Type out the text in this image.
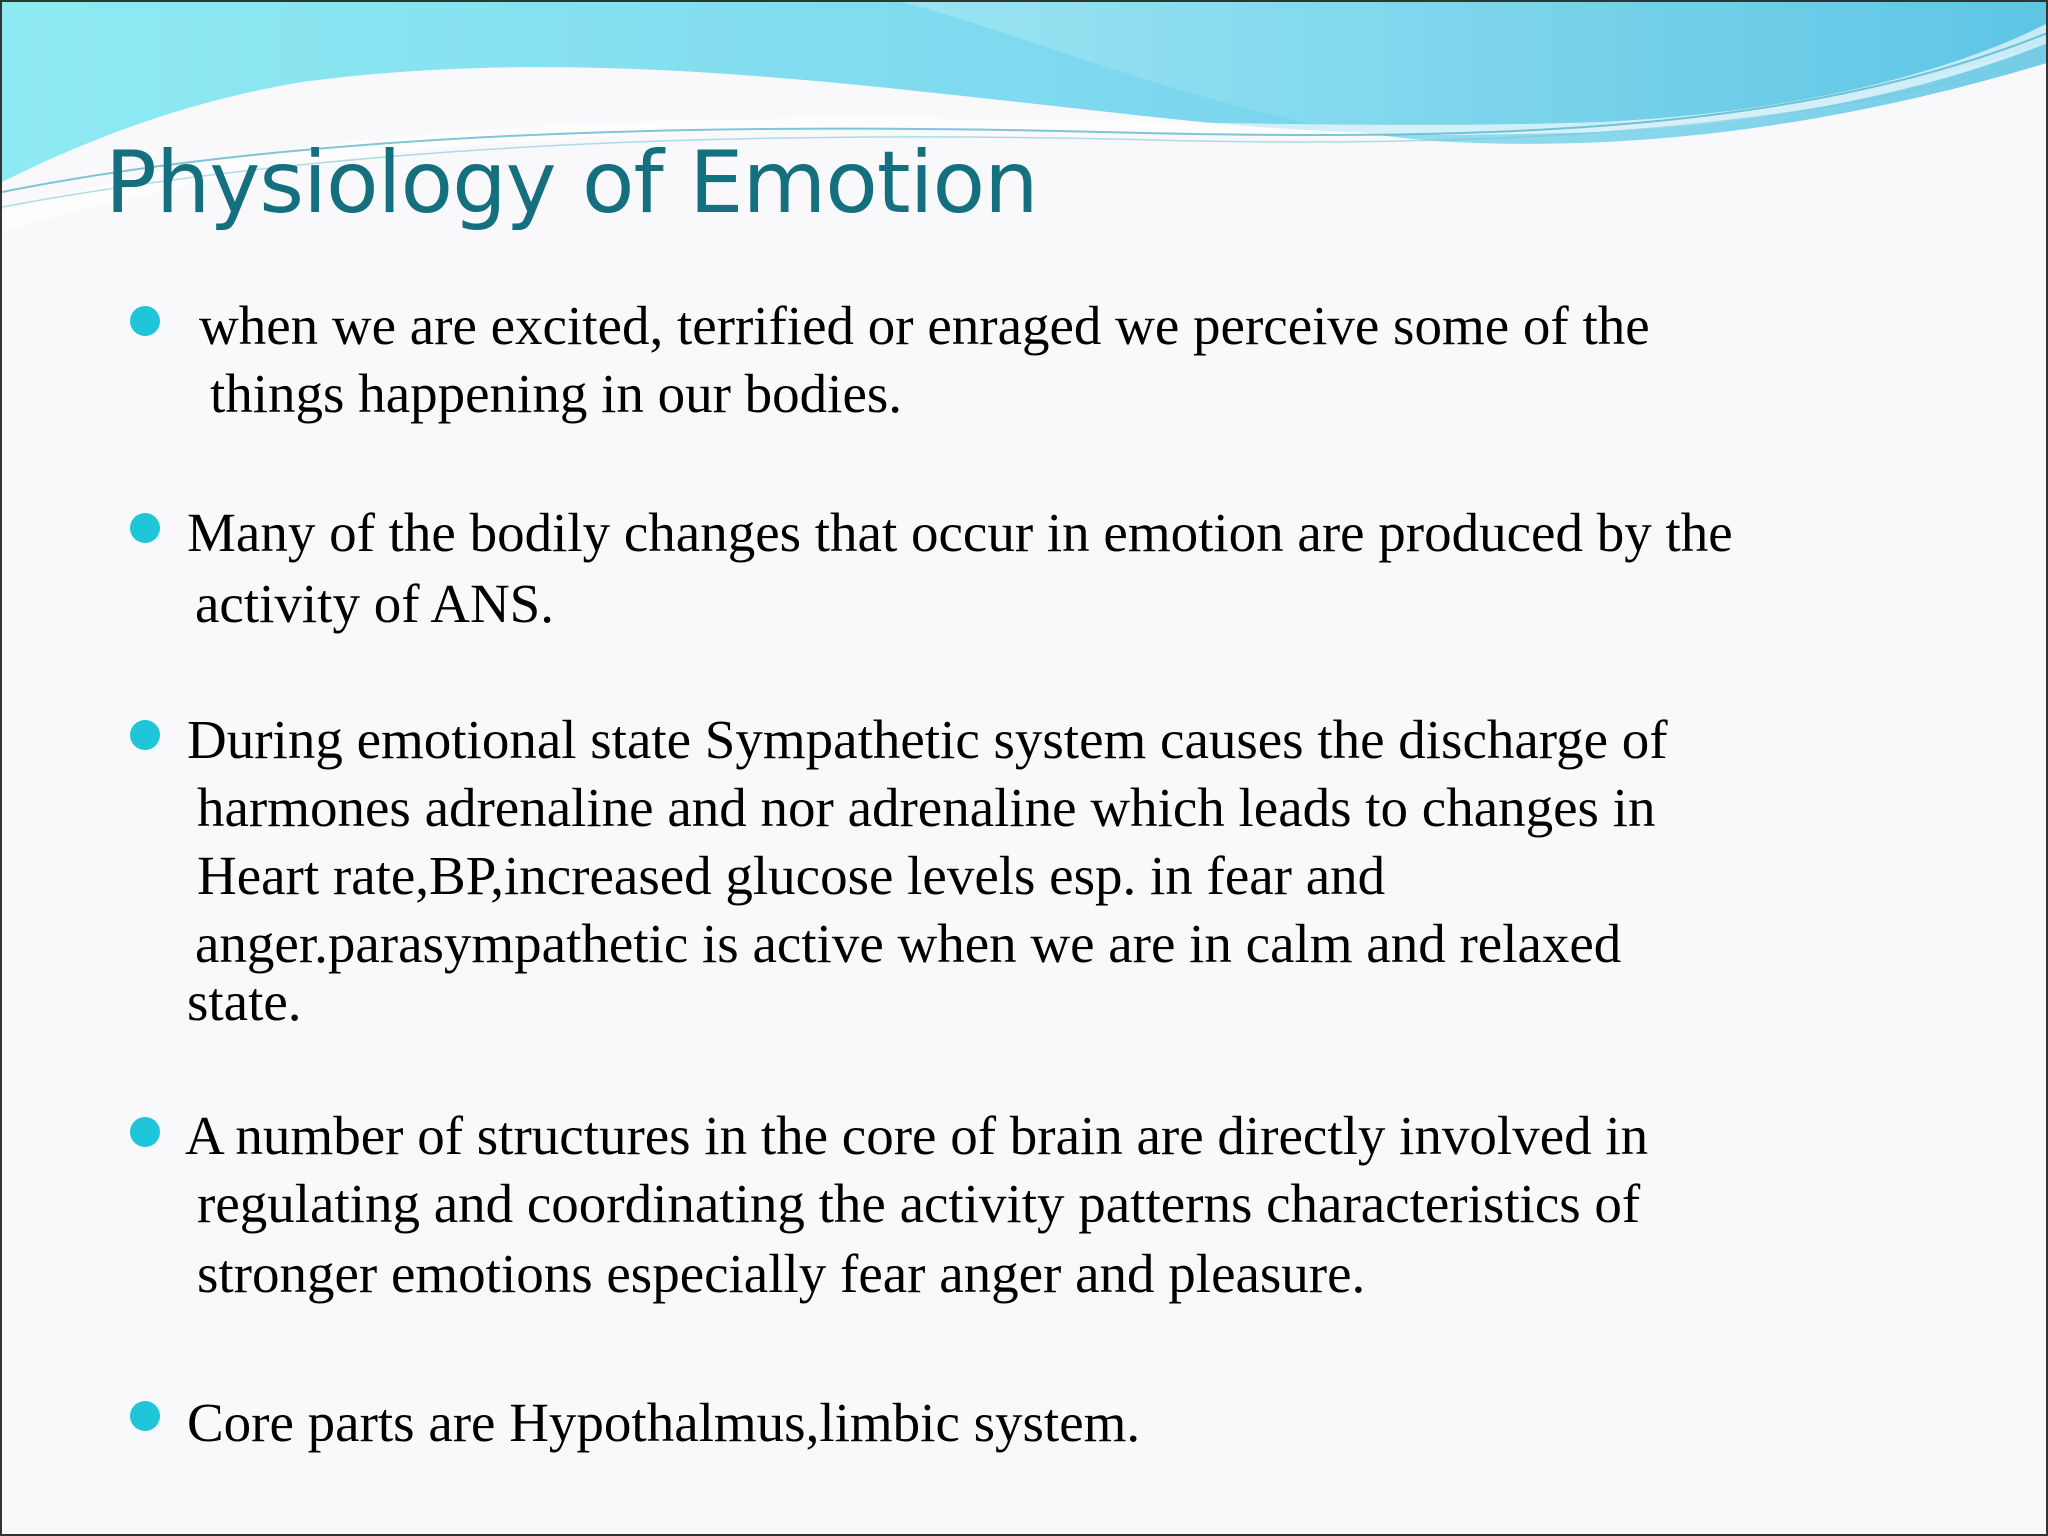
Physiology of Emotion

when we are excited, terrified or enraged we perceive some of the

things happening in our bodies.

Many of the bodily changes that occur in emotion are produced by the

activity of ANS.

During emotional state Sympathetic system causes the discharge of

harmones adrenaline and nor adrenaline which leads to changes in

Heart rate,BP,increased glucose levels esp. in fear and

anger.parasympathetic is active when we are in calm and relaxed

state.

A number of structures in the core of brain are directly involved in

regulating and coordinating the activity patterns characteristics of

stronger emotions especially fear anger and pleasure.

Core parts are Hypothalmus,limbic system.
